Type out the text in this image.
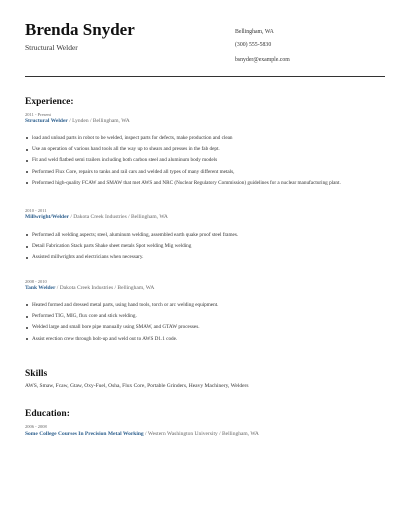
Brenda Snyder
Structural Welder
Bellingham, WA
(300) 555-5830
bsnyder@example.com
Experience:
2011 - Present
Structural Welder / Lynden / Bellingham, WA
load and unload parts in robot to be welded, inspect parts for defects, make production and clean
Use an operation of various hand tools all the way up to shears and presses in the fab dept.
Fit and weld flatbed semi trailers including both carbon steel and aluminum body models
Performed Flux Core, repairs to tanks and rail cars and welded all types of many different metals,
Preformed high-quality FCAW and SMAW that met AWS and NRC (Nuclear Regulatory Commission) guidelines for a nuclear manufacturing plant.
2010 - 2011
Millwright/Welder / Dakota Creek Industries / Bellingham, WA
Performed all welding aspects; steel, aluminum welding, assembled earth quake proof steel frames.
Detail Fabrication Stack parts Shake sheet metals Spot welding Mig welding
Assisted millwrights and electricians when necessary.
2008 - 2010
Tank Welder / Dakota Creek Industries / Bellingham, WA
Heated formed and dressed metal parts, using hand tools, torch or arc welding equipment.
Performed TIG, MIG, flux core and stick welding.
Welded large and small bore pipe manually using SMAW, and GTAW processes.
Assist erection crew through bolt-up and weld out to AWS D1.1 code.
Skills
AWS, Smaw, Fcaw, Gtaw, Oxy-Fuel, Osha, Flux Core, Portable Grinders, Heavy Machinery, Welders
Education:
2006 - 2008
Some College Courses In Precision Metal Working / Western Washington University / Bellingham, WA
